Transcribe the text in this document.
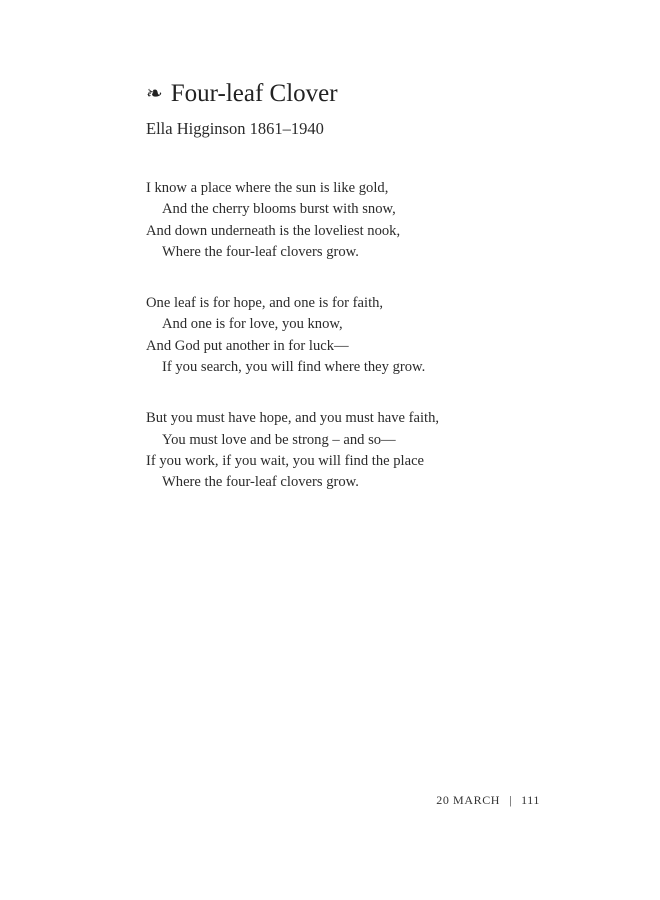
❧ Four-leaf Clover

Ella Higginson 1861–1940

I know a place where the sun is like gold,
And the cherry blooms burst with snow,
And down underneath is the loveliest nook,
Where the four-leaf clovers grow.
One leaf is for hope, and one is for faith,
And one is for love, you know,
And God put another in for luck—
If you search, you will find where they grow.
But you must have hope, and you must have faith,
You must love and be strong – and so—
If you work, if you wait, you will find the place
Where the four-leaf clovers grow.
20 MARCH | 111
